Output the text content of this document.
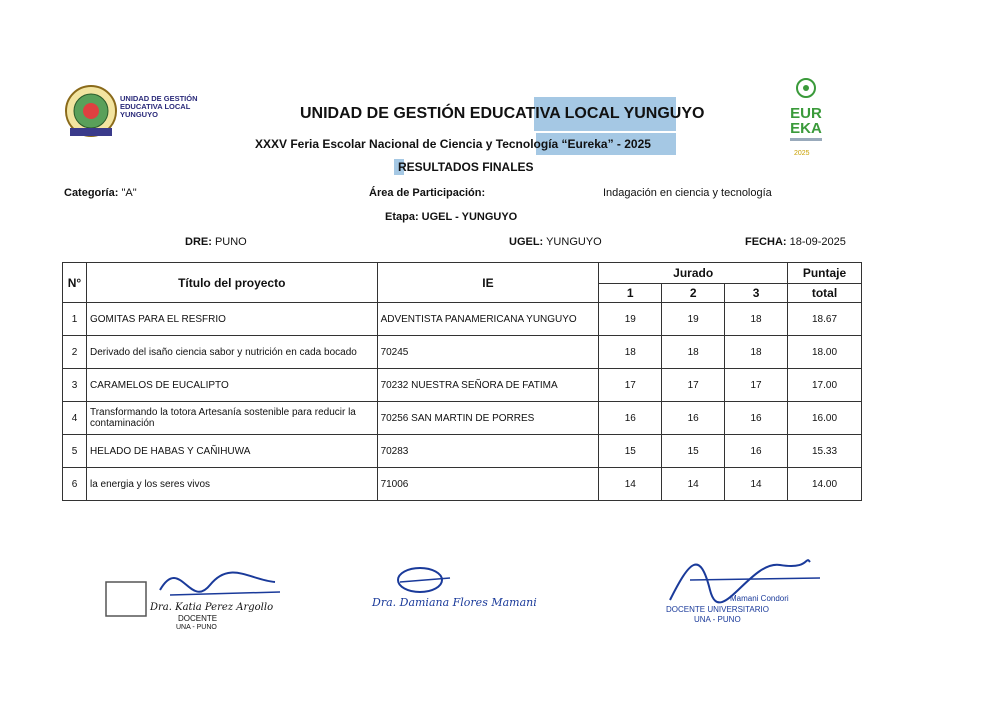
UNIDAD DE GESTIÓN
EDUCATIVA LOCAL
YUNGUYO	UNIDAD DE GESTIÓN EDUCATIVA LOCAL YUNGUYO
XXXV Feria Escolar Nacional de Ciencia y Tecnología “Eureka” - 2025
RESULTADOS FINALES
EUR
EKA
2025
Categoría: "A"	Área de Participación:	Indagación en ciencia y tecnología
Etapa: UGEL - YUNGUYO
DRE: PUNO	UGEL: YUNGUYO	FECHA: 18-09-2025
N°	Título del proyecto	IE	Jurado			Puntaje
			1	2	3	total
1	GOMITAS PARA EL RESFRIO	ADVENTISTA PANAMERICANA YUNGUYO	19	19	18	18.67
2	Derivado del isaño ciencia sabor y nutrición en cada bocado	70245	18	18	18	18.00
3	CARAMELOS DE EUCALIPTO	70232 NUESTRA SEÑORA DE FATIMA	17	17	17	17.00
4	Transformando la totora Artesanía sostenible para reducir la contaminación	70256 SAN MARTIN DE PORRES	16	16	16	16.00
5	HELADO DE HABAS Y CAÑIHUWA	70283	15	15	16	15.33
6	la energia y los seres vivos	71006	14	14	14	14.00
Dra. Katia Perez Argollo
DOCENTE
UNA - PUNO
Dra. Damiana Flores Mamani	Mamani Condori
DOCENTE UNIVERSITARIO
UNA - PUNO
